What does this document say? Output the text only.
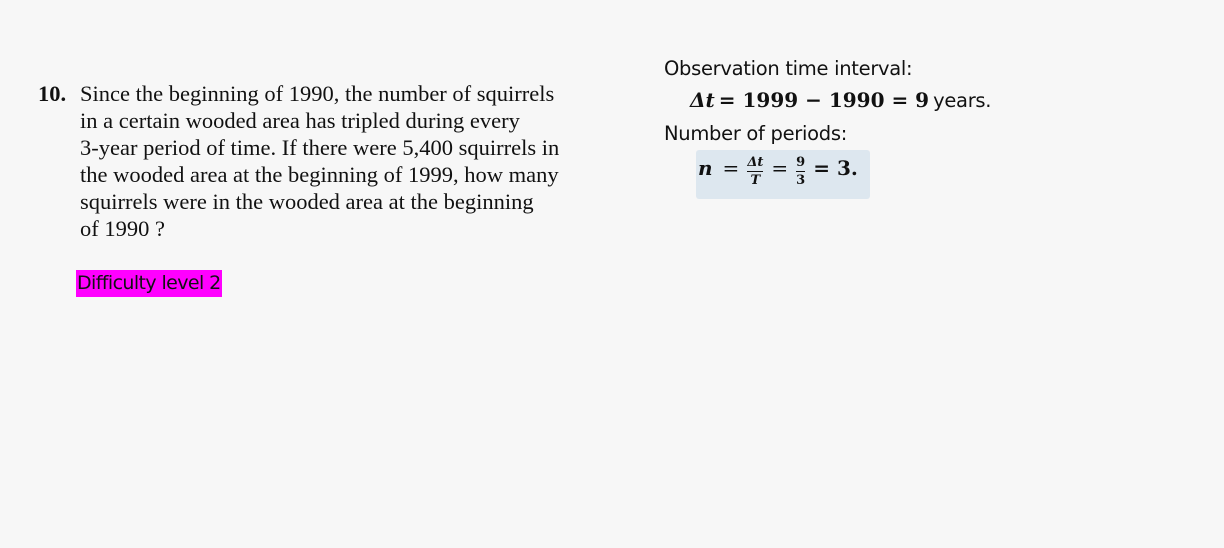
10. Since the beginning of 1990, the number of squirrels
in a certain wooded area has tripled during every
3-year period of time. If there were 5,400 squirrels in
the wooded area at the beginning of 1999, how many
squirrels were in the wooded area at the beginning
of 1990 ?
Difficulty level 2
Observation time interval:
Δt = 1999 − 1990 = 9 years.
Number of periods:
$n = \frac{\Delta t}{T} = \frac{9}{3} = 3$.
